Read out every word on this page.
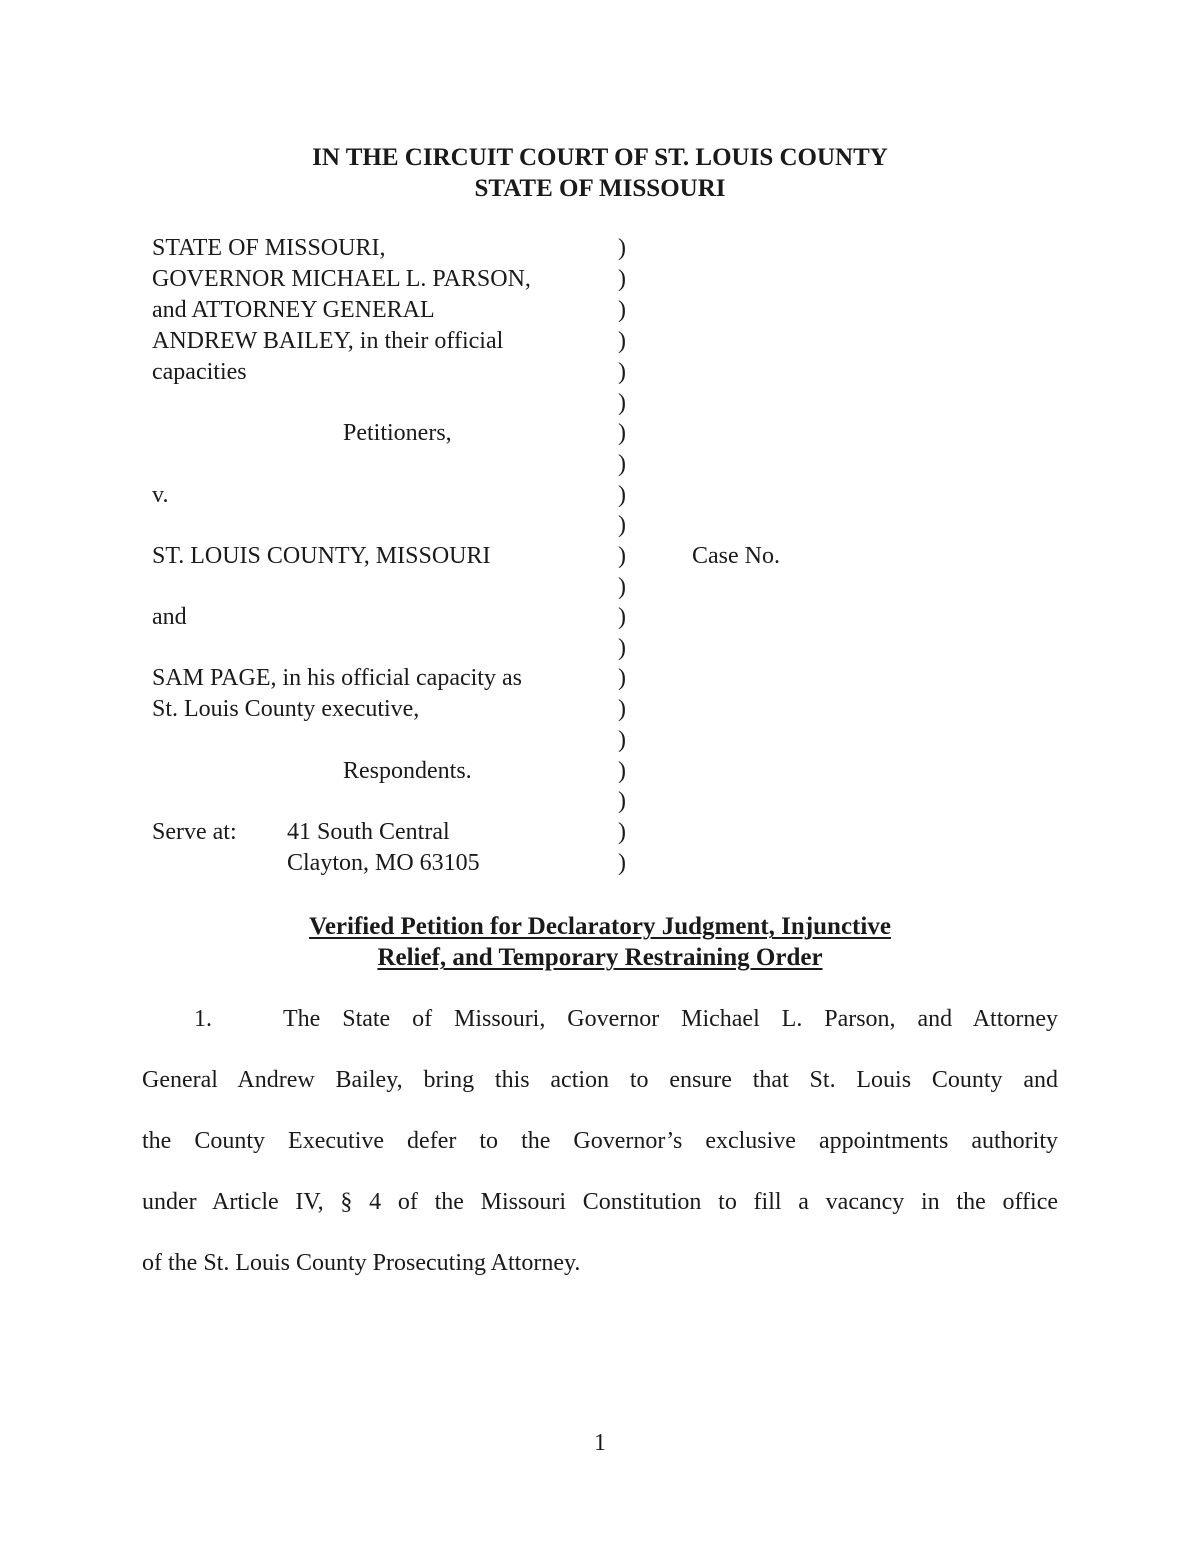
IN THE CIRCUIT COURT OF ST. LOUIS COUNTY
STATE OF MISSOURI
STATE OF MISSOURI,
GOVERNOR MICHAEL L. PARSON,
and ATTORNEY GENERAL
ANDREW BAILEY, in their official
capacities
Petitioners,
v.
ST. LOUIS COUNTY, MISSOURI
and
SAM PAGE, in his official capacity as
St. Louis County executive,
Respondents.
Serve at: 41 South Central
Clayton, MO 63105
)
)
)
)
)
)
)
)
)
)
)
)
)
)
)
)
)
)
)
)
)
Case No.
Verified Petition for Declaratory Judgment, Injunctive
Relief, and Temporary Restraining Order
1.	The State of Missouri, Governor Michael L. Parson, and Attorney
General Andrew Bailey, bring this action to ensure that St. Louis County and
the County Executive defer to the Governor’s exclusive appointments authority
under Article IV, § 4 of the Missouri Constitution to fill a vacancy in the office
of the St. Louis County Prosecuting Attorney.
1
